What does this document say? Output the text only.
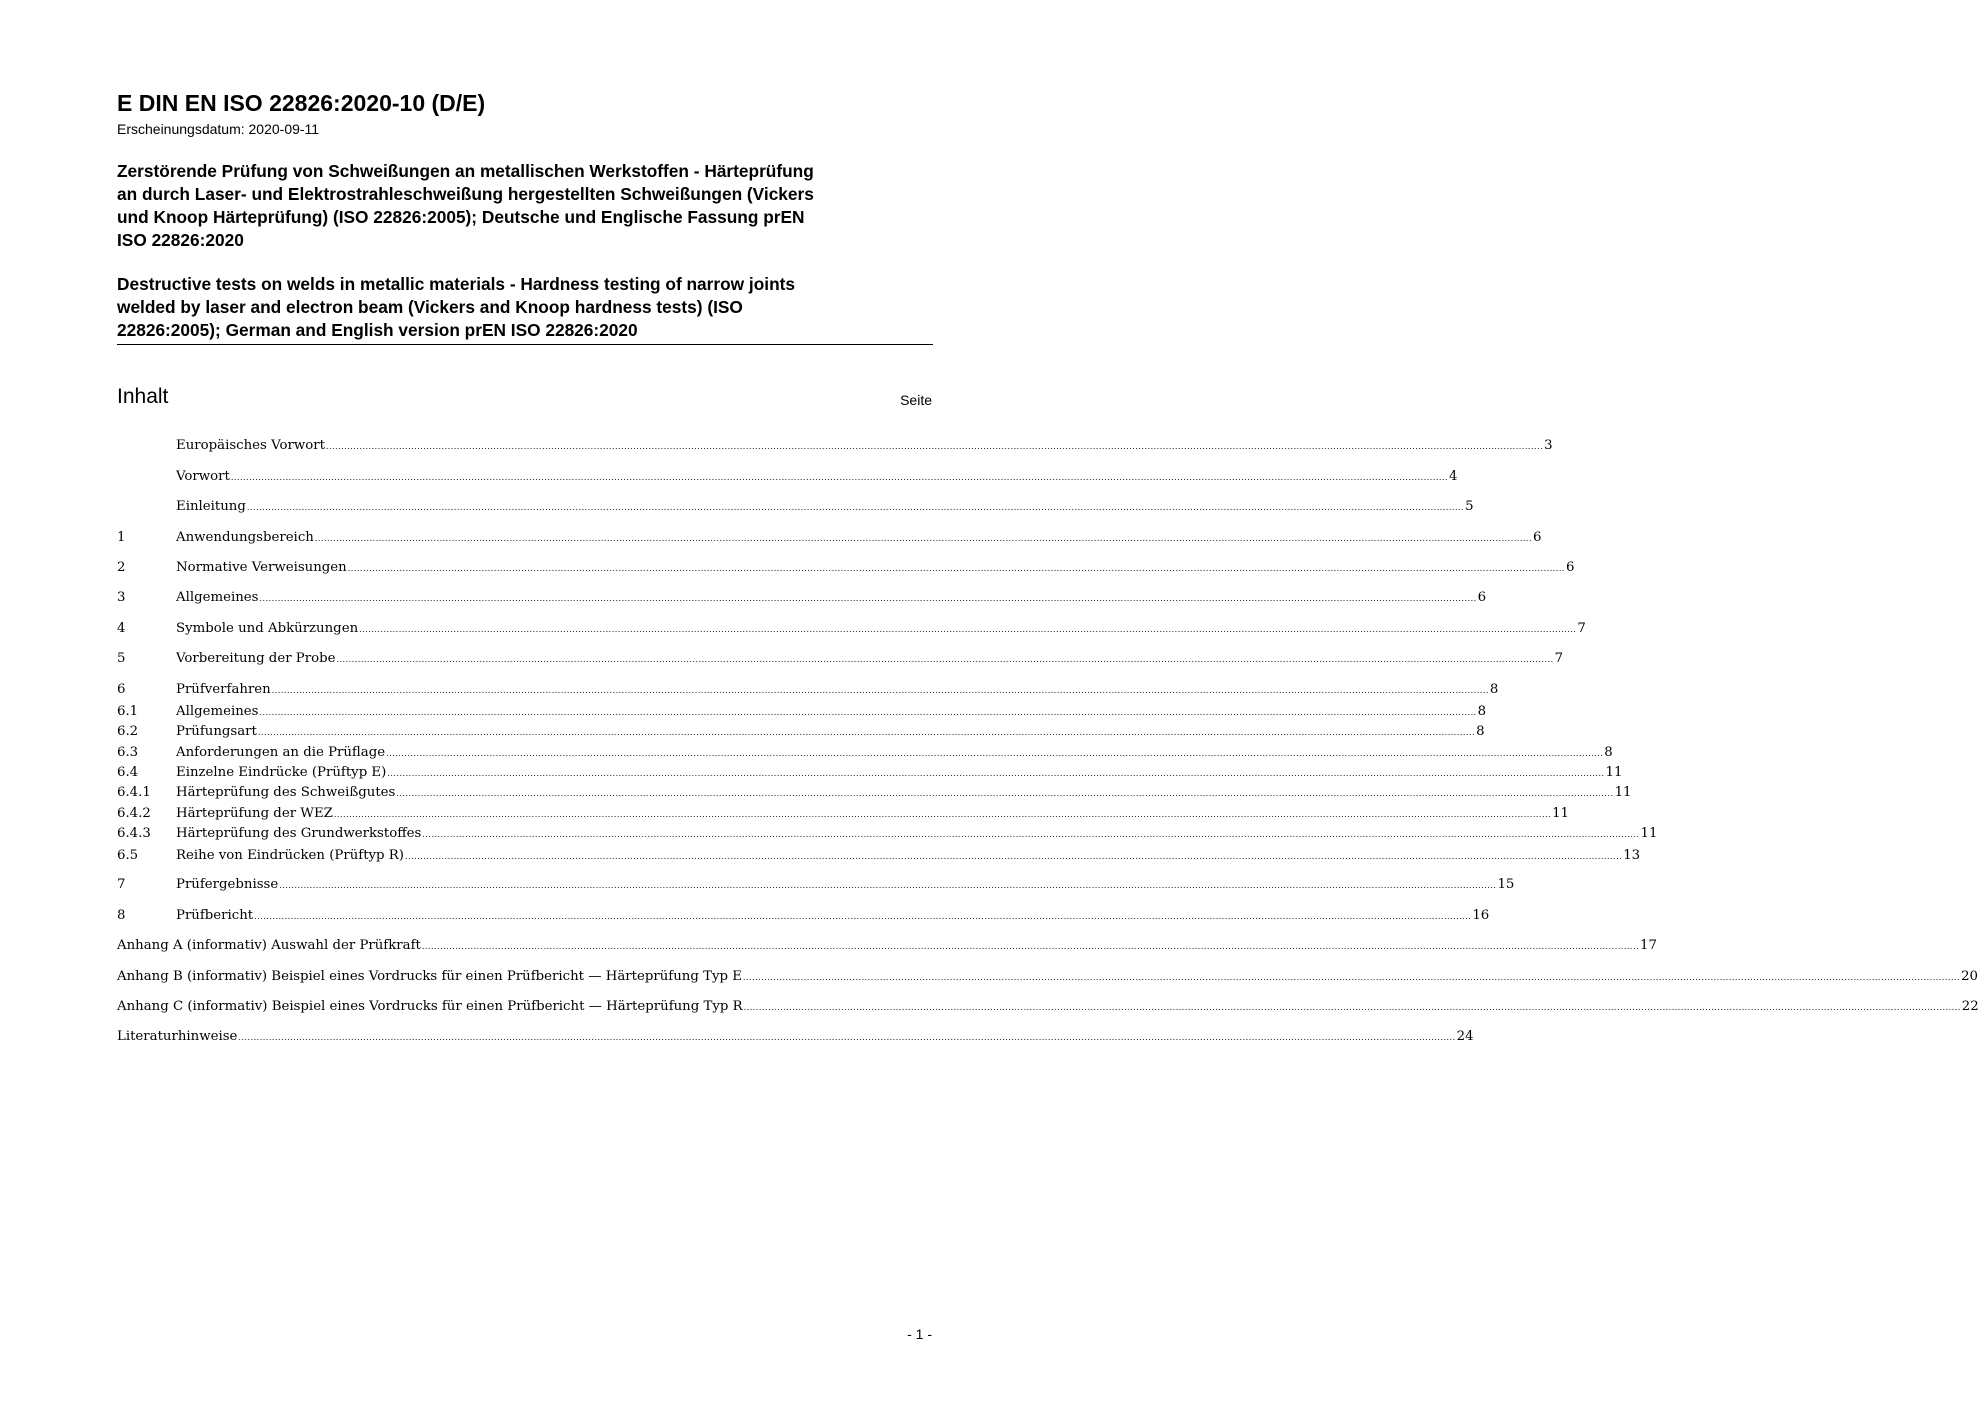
E DIN EN ISO 22826:2020-10 (D/E)
Erscheinungsdatum: 2020-09-11
Zerstörende Prüfung von Schweißungen an metallischen Werkstoffen - Härteprüfung
an durch Laser- und Elektrostrahleschweißung hergestellten Schweißungen (Vickers
und Knoop Härteprüfung) (ISO 22826:2005); Deutsche und Englische Fassung prEN
ISO 22826:2020
Destructive tests on welds in metallic materials - Hardness testing of narrow joints
welded by laser and electron beam (Vickers and Knoop hardness tests) (ISO
22826:2005); German and English version prEN ISO 22826:2020
Inhalt	Seite
Europäisches Vorwort ................................................................................................................................................................................................................................................................................................................................................................................................................ 3
Vorwort ................................................................................................................................................................................................................................................................................................................................................................................................................ 4
Einleitung ................................................................................................................................................................................................................................................................................................................................................................................................................ 5
1	Anwendungsbereich ................................................................................................................................................................................................................................................................................................................................................................................................................ 6
2	Normative Verweisungen ................................................................................................................................................................................................................................................................................................................................................................................................................ 6
3	Allgemeines ................................................................................................................................................................................................................................................................................................................................................................................................................ 6
4	Symbole und Abkürzungen ................................................................................................................................................................................................................................................................................................................................................................................................................ 7
5	Vorbereitung der Probe ................................................................................................................................................................................................................................................................................................................................................................................................................ 7
6	Prüfverfahren ................................................................................................................................................................................................................................................................................................................................................................................................................ 8
6.1	Allgemeines ................................................................................................................................................................................................................................................................................................................................................................................................................ 8
6.2	Prüfungsart ................................................................................................................................................................................................................................................................................................................................................................................................................ 8
6.3	Anforderungen an die Prüflage ................................................................................................................................................................................................................................................................................................................................................................................................................ 8
6.4	Einzelne Eindrücke (Prüftyp E) ................................................................................................................................................................................................................................................................................................................................................................................................................ 11
6.4.1	Härteprüfung des Schweißgutes ................................................................................................................................................................................................................................................................................................................................................................................................................ 11
6.4.2	Härteprüfung der WEZ ................................................................................................................................................................................................................................................................................................................................................................................................................ 11
6.4.3	Härteprüfung des Grundwerkstoffes ................................................................................................................................................................................................................................................................................................................................................................................................................ 11
6.5	Reihe von Eindrücken (Prüftyp R) ................................................................................................................................................................................................................................................................................................................................................................................................................ 13
7	Prüfergebnisse ................................................................................................................................................................................................................................................................................................................................................................................................................ 15
8	Prüfbericht ................................................................................................................................................................................................................................................................................................................................................................................................................ 16
Anhang A (informativ) Auswahl der Prüfkraft ................................................................................................................................................................................................................................................................................................................................................................................................................ 17
Anhang B (informativ) Beispiel eines Vordrucks für einen Prüfbericht — Härteprüfung Typ E ................................................................................................................................................................................................................................................................................................................................................................................................................ 20
Anhang C (informativ) Beispiel eines Vordrucks für einen Prüfbericht — Härteprüfung Typ R ................................................................................................................................................................................................................................................................................................................................................................................................................ 22
Literaturhinweise ................................................................................................................................................................................................................................................................................................................................................................................................................ 24
- 1 -
